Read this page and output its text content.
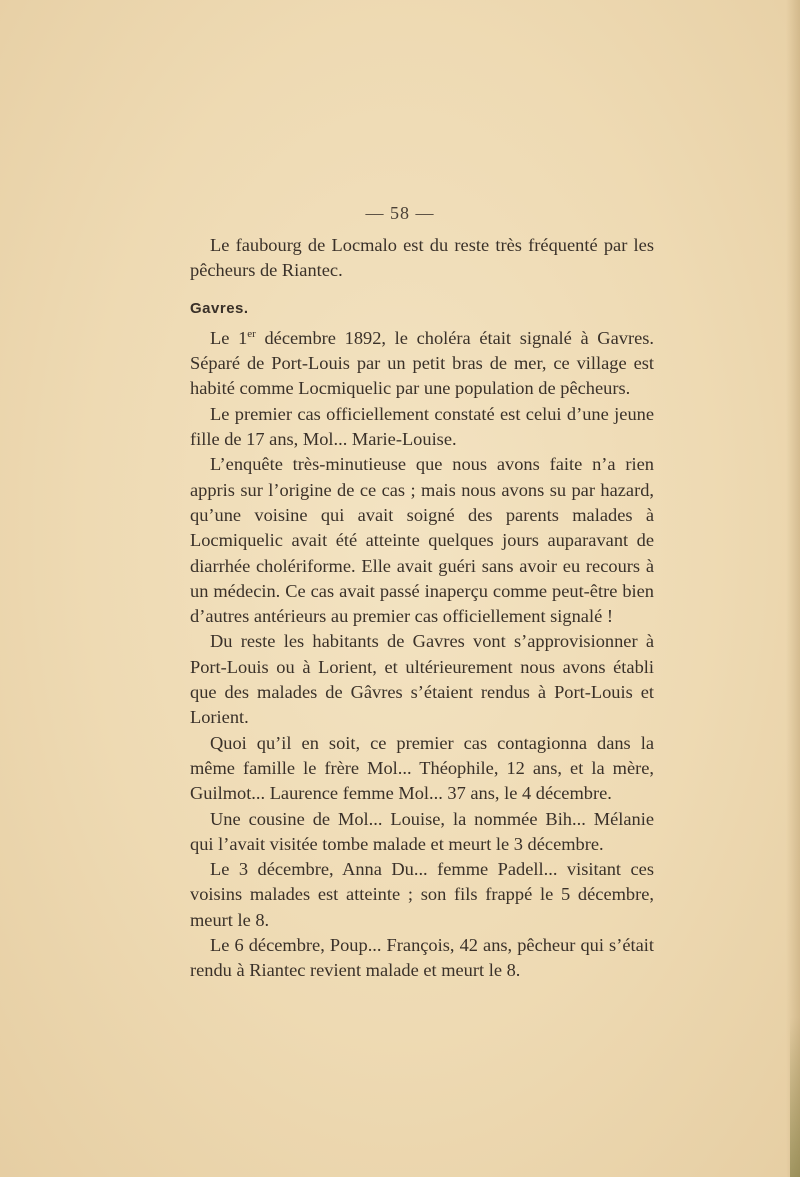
— 58 —

Le faubourg de Locmalo est du reste très fréquenté par les pêcheurs de Riantec.

Gavres.

Le 1er décembre 1892, le choléra était signalé à Gavres. Séparé de Port-Louis par un petit bras de mer, ce village est habité comme Locmiquelic par une population de pêcheurs.

Le premier cas officiellement constaté est celui d’une jeune fille de 17 ans, Mol... Marie-Louise.

L’enquête très-minutieuse que nous avons faite n’a rien appris sur l’origine de ce cas ; mais nous avons su par hazard, qu’une voisine qui avait soigné des parents malades à Locmiquelic avait été atteinte quelques jours auparavant de diarrhée cholériforme. Elle avait guéri sans avoir eu recours à un médecin. Ce cas avait passé inaperçu comme peut-être bien d’autres antérieurs au premier cas officiellement signalé !

Du reste les habitants de Gavres vont s’approvisionner à Port-Louis ou à Lorient, et ultérieurement nous avons établi que des malades de Gâvres s’étaient rendus à Port-Louis et Lorient.

Quoi qu’il en soit, ce premier cas contagionna dans la même famille le frère Mol... Théophile, 12 ans, et la mère, Guilmot... Laurence femme Mol... 37 ans, le 4 décembre.

Une cousine de Mol... Louise, la nommée Bih... Mélanie qui l’avait visitée tombe malade et meurt le 3 décembre.

Le 3 décembre, Anna Du... femme Padell... visitant ces voisins malades est atteinte ; son fils frappé le 5 décembre, meurt le 8.

Le 6 décembre, Poup... François, 42 ans, pêcheur qui s’était rendu à Riantec revient malade et meurt le 8.
